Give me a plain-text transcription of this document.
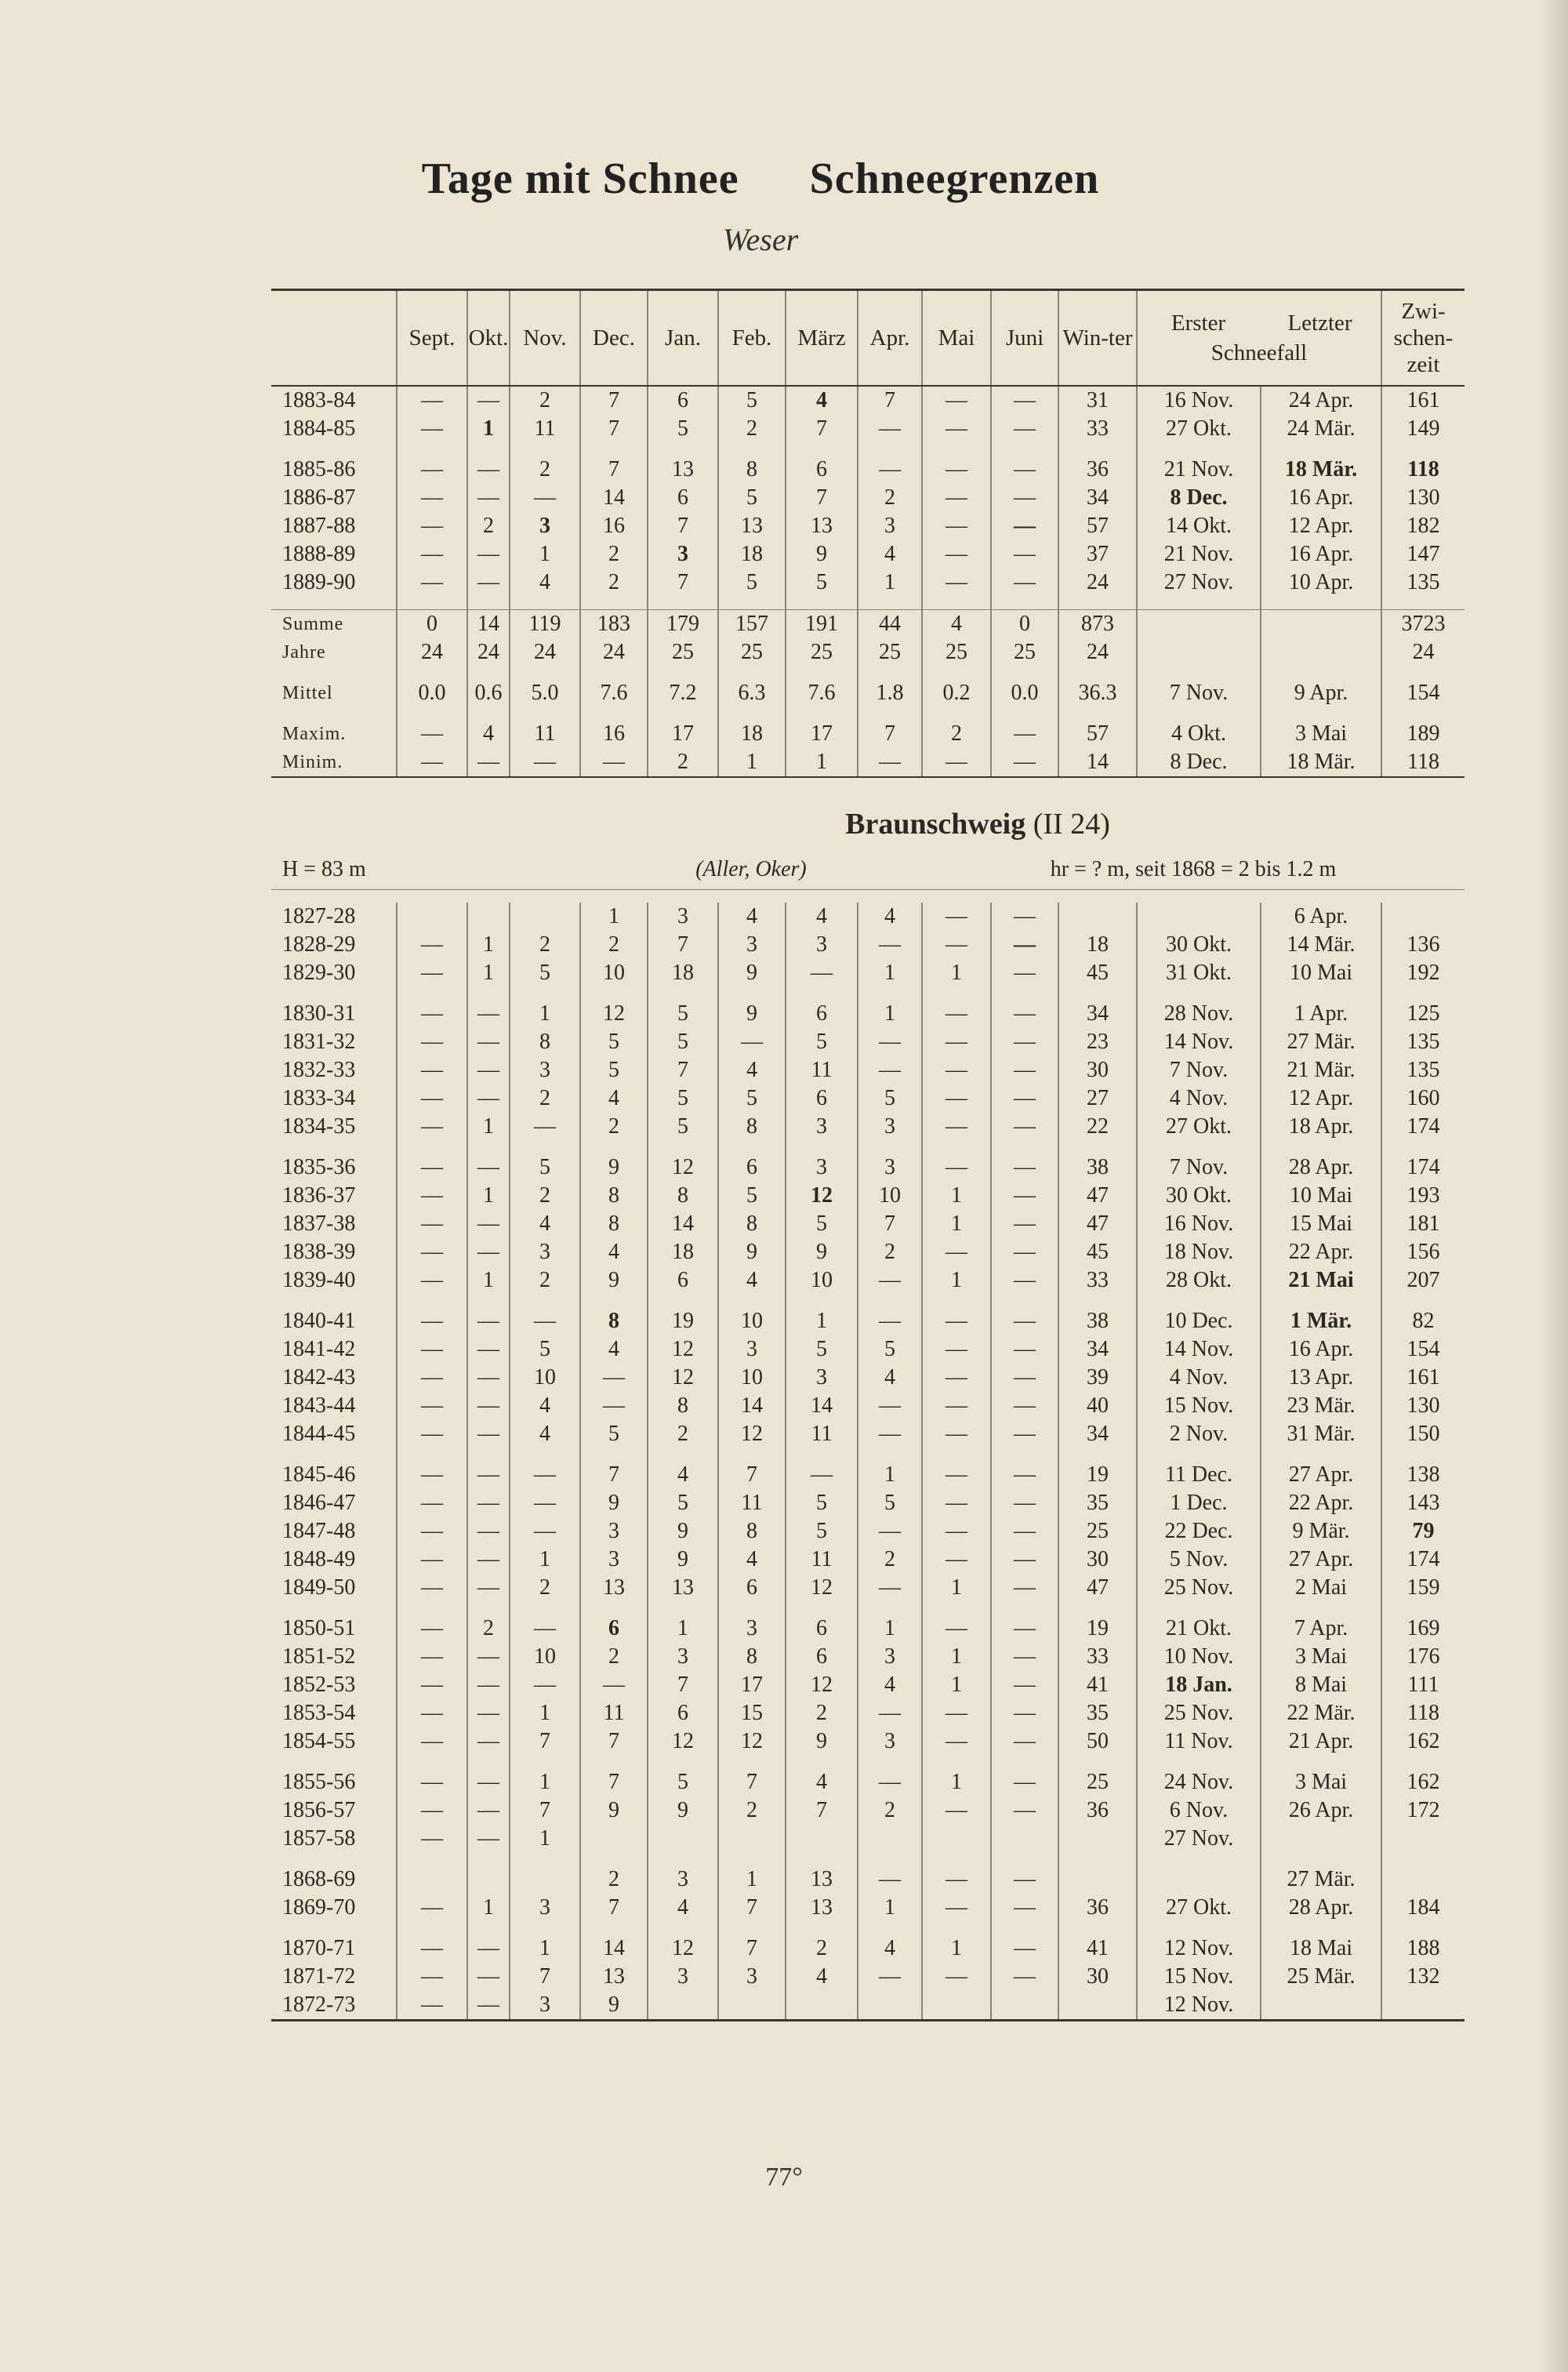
Tage mit Schnee Schneegrenzen
Weser
	Sept.	Okt.	Nov.	Dec.	Jan.	Feb.	März	Apr.	Mai	Juni	Win-ter	Erster Letzter
Schneefall		Zwi-schen-zeit
1883-84	—	—	2	7	6	5	4	7	—	—	31	16 Nov.	24 Apr.	161
1884-85	—	1	11	7	5	2	7	—	—	—	33	27 Okt.	24 Mär.	149

1885-86	—	—	2	7	13	8	6	—	—	—	36	21 Nov.	18 Mär.	118
1886-87	—	—	—	14	6	5	7	2	—	—	34	8 Dec.	16 Apr.	130
1887-88	—	2	3	16	7	13	13	3	—	—	57	14 Okt.	12 Apr.	182
1888-89	—	—	1	2	3	18	9	4	—	—	37	21 Nov.	16 Apr.	147
1889-90	—	—	4	2	7	5	5	1	—	—	24	27 Nov.	10 Apr.	135

Summe	0	14	119	183	179	157	191	44	4	0	873			3723
Jahre	24	24	24	24	25	25	25	25	25	25	24			24

Mittel	0.0	0.6	5.0	7.6	7.2	6.3	7.6	1.8	0.2	0.0	36.3	7 Nov.	9 Apr.	154

Maxim.	—	4	11	16	17	18	17	7	2	—	57	4 Okt.	3 Mai	189
Minim.	—	—	—	—	2	1	1	—	—	—	14	8 Dec.	18 Mär.	118

Braunschweig (II 24)														
H = 83 m				(Aller, Oker)					hr = ? m, seit 1868 = 2 bis 1.2 m					

1827-28				1	3	4	4	4	—	—			6 Apr.	
1828-29	—	1	2	2	7	3	3	—	—	—	18	30 Okt.	14 Mär.	136
1829-30	—	1	5	10	18	9	—	1	1	—	45	31 Okt.	10 Mai	192

1830-31	—	—	1	12	5	9	6	1	—	—	34	28 Nov.	1 Apr.	125
1831-32	—	—	8	5	5	—	5	—	—	—	23	14 Nov.	27 Mär.	135
1832-33	—	—	3	5	7	4	11	—	—	—	30	7 Nov.	21 Mär.	135
1833-34	—	—	2	4	5	5	6	5	—	—	27	4 Nov.	12 Apr.	160
1834-35	—	1	—	2	5	8	3	3	—	—	22	27 Okt.	18 Apr.	174

1835-36	—	—	5	9	12	6	3	3	—	—	38	7 Nov.	28 Apr.	174
1836-37	—	1	2	8	8	5	12	10	1	—	47	30 Okt.	10 Mai	193
1837-38	—	—	4	8	14	8	5	7	1	—	47	16 Nov.	15 Mai	181
1838-39	—	—	3	4	18	9	9	2	—	—	45	18 Nov.	22 Apr.	156
1839-40	—	1	2	9	6	4	10	—	1	—	33	28 Okt.	21 Mai	207

1840-41	—	—	—	8	19	10	1	—	—	—	38	10 Dec.	1 Mär.	82
1841-42	—	—	5	4	12	3	5	5	—	—	34	14 Nov.	16 Apr.	154
1842-43	—	—	10	—	12	10	3	4	—	—	39	4 Nov.	13 Apr.	161
1843-44	—	—	4	—	8	14	14	—	—	—	40	15 Nov.	23 Mär.	130
1844-45	—	—	4	5	2	12	11	—	—	—	34	2 Nov.	31 Mär.	150

1845-46	—	—	—	7	4	7	—	1	—	—	19	11 Dec.	27 Apr.	138
1846-47	—	—	—	9	5	11	5	5	—	—	35	1 Dec.	22 Apr.	143
1847-48	—	—	—	3	9	8	5	—	—	—	25	22 Dec.	9 Mär.	79
1848-49	—	—	1	3	9	4	11	2	—	—	30	5 Nov.	27 Apr.	174
1849-50	—	—	2	13	13	6	12	—	1	—	47	25 Nov.	2 Mai	159

1850-51	—	2	—	6	1	3	6	1	—	—	19	21 Okt.	7 Apr.	169
1851-52	—	—	10	2	3	8	6	3	1	—	33	10 Nov.	3 Mai	176
1852-53	—	—	—	—	7	17	12	4	1	—	41	18 Jan.	8 Mai	111
1853-54	—	—	1	11	6	15	2	—	—	—	35	25 Nov.	22 Mär.	118
1854-55	—	—	7	7	12	12	9	3	—	—	50	11 Nov.	21 Apr.	162

1855-56	—	—	1	7	5	7	4	—	1	—	25	24 Nov.	3 Mai	162
1856-57	—	—	7	9	9	2	7	2	—	—	36	6 Nov.	26 Apr.	172
1857-58	—	—	1									27 Nov.		

1868-69				2	3	1	13	—	—	—			27 Mär.	
1869-70	—	1	3	7	4	7	13	1	—	—	36	27 Okt.	28 Apr.	184

1870-71	—	—	1	14	12	7	2	4	1	—	41	12 Nov.	18 Mai	188
1871-72	—	—	7	13	3	3	4	—	—	—	30	15 Nov.	25 Mär.	132
1872-73	—	—	3	9								12 Nov.		
77°
